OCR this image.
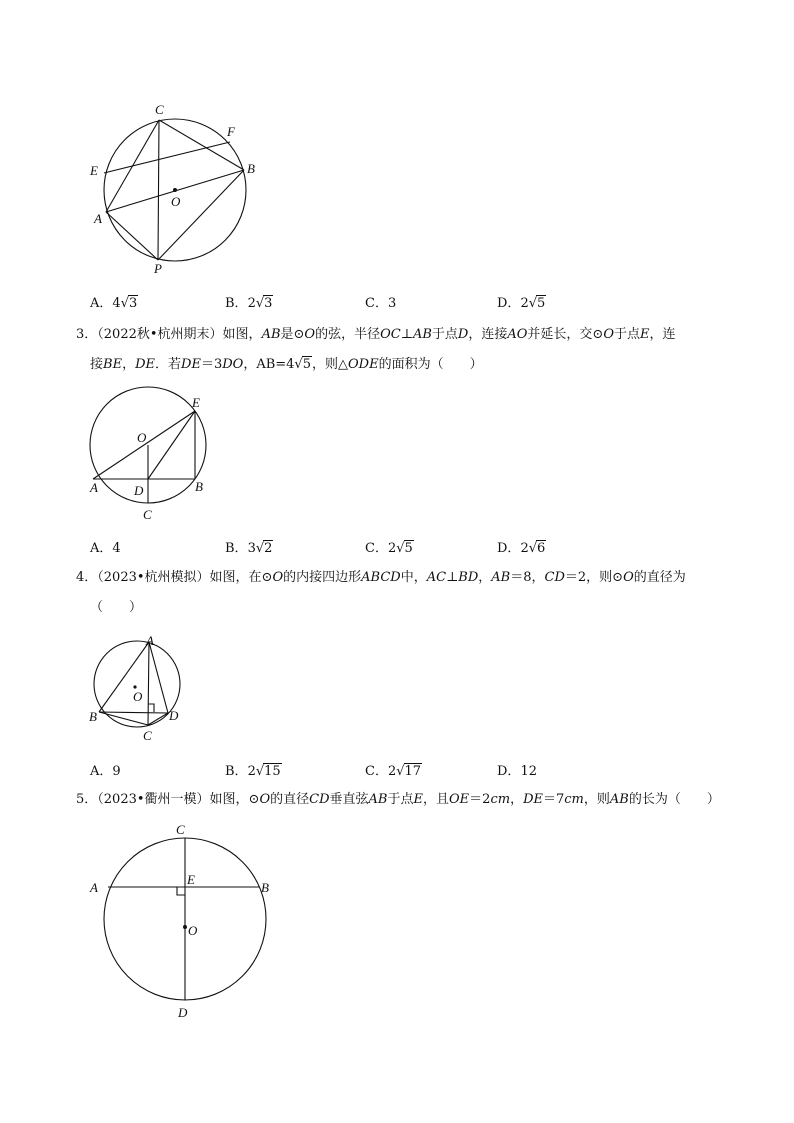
C
F
E	B
O
A
P
A．4√3	B．2√3	C．3	D．2√5
3．（2022秋•杭州期末）如图，AB是⊙O的弦，半径OC⊥AB于点D，连接AO并延长，交⊙O于点E，连
接BE，DE．若DE＝3DO，AB=4√5，则△ODE的面积为（　　）
E
O
A	D	B
C
A．4	B．3√2	C．2√5	D．2√6
4．（2023•杭州模拟）如图，在⊙O的内接四边形ABCD中，AC⊥BD，AB＝8，CD＝2，则⊙O的直径为
（　　）
A
O
B	D
C
A．9	B．2√15	C．2√17	D．12
5．（2023•衢州一模）如图，⊙O的直径CD垂直弦AB于点E，且OE＝2cm，DE＝7cm，则AB的长为（　　）
C
A
E
B
O
D
